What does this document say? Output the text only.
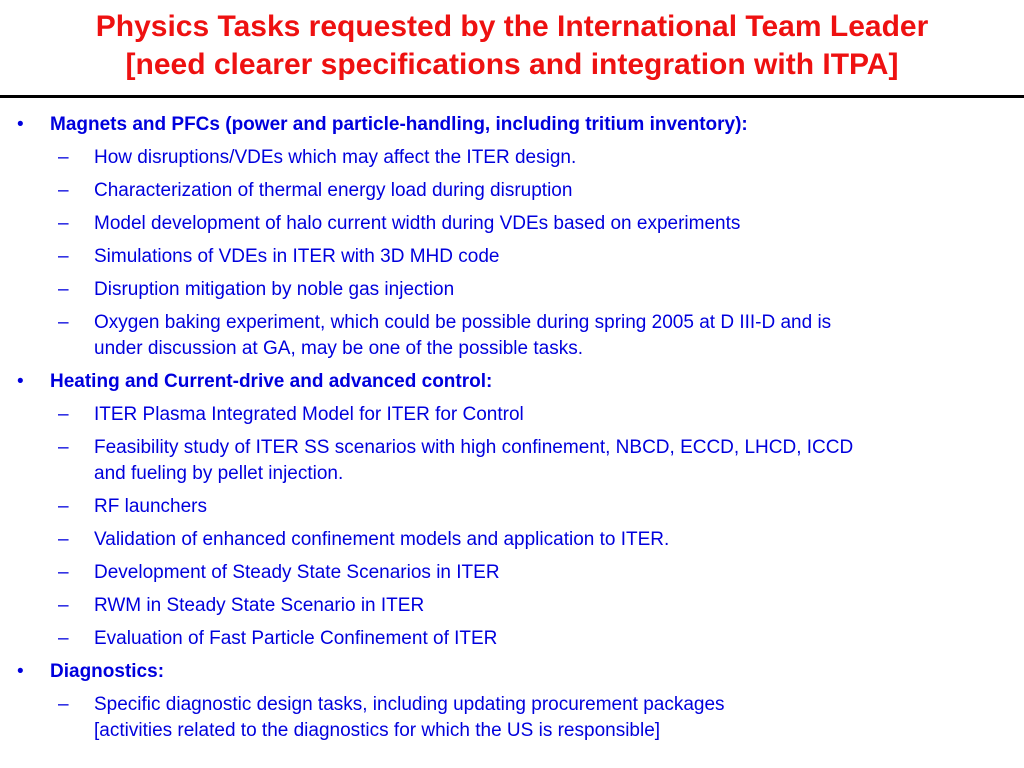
Physics Tasks requested by the International Team Leader
[need clearer specifications and integration with ITPA]
• Magnets and PFCs (power and particle-handling, including tritium inventory):
– How disruptions/VDEs which may affect the ITER design.
– Characterization of thermal energy load during disruption
– Model development of halo current width during VDEs based on experiments
– Simulations of VDEs in ITER with 3D MHD code
– Disruption mitigation by noble gas injection
– Oxygen baking experiment, which could be possible during spring 2005 at D III-D and is
under discussion at GA, may be one of the possible tasks.
• Heating and Current-drive and advanced control:
– ITER Plasma Integrated Model for ITER for Control
– Feasibility study of ITER SS scenarios with high confinement, NBCD, ECCD, LHCD, ICCD
and fueling by pellet injection.
– RF launchers
– Validation of enhanced confinement models and application to ITER.
– Development of Steady State Scenarios in ITER
– RWM in Steady State Scenario in ITER
– Evaluation of Fast Particle Confinement of ITER
• Diagnostics:
– Specific diagnostic design tasks, including updating procurement packages
[activities related to the diagnostics for which the US is responsible]
